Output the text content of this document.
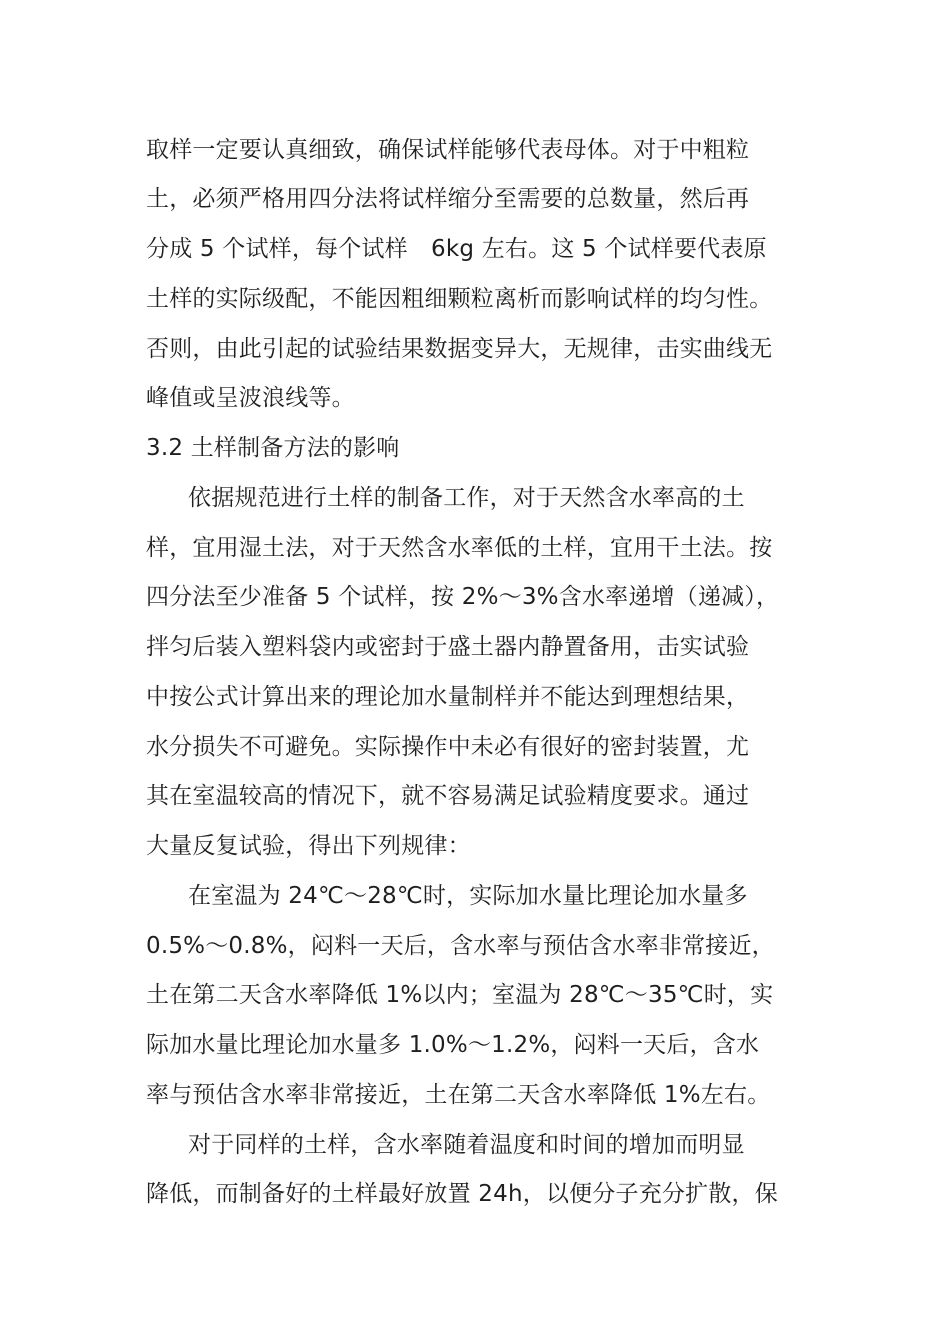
取样一定要认真细致，确保试样能够代表母体。对于中粗粒
土，必须严格用四分法将试样缩分至需要的总数量，然后再
分成 5 个试样，每个试样　6kg 左右。这 5 个试样要代表原
土样的实际级配，不能因粗细颗粒离析而影响试样的均匀性。
否则，由此引起的试验结果数据变异大，无规律，击实曲线无
峰值或呈波浪线等。
3.2 土样制备方法的影响
依据规范进行土样的制备工作，对于天然含水率高的土
样，宜用湿土法，对于天然含水率低的土样，宜用干土法。按
四分法至少准备 5 个试样，按 2%～3%含水率递增（递减），
拌匀后装入塑料袋内或密封于盛土器内静置备用，击实试验
中按公式计算出来的理论加水量制样并不能达到理想结果，
水分损失不可避免。实际操作中未必有很好的密封装置，尤
其在室温较高的情况下，就不容易满足试验精度要求。通过
大量反复试验，得出下列规律：
在室温为 24℃～28℃时，实际加水量比理论加水量多
0.5%～0.8%，闷料一天后，含水率与预估含水率非常接近，
土在第二天含水率降低 1%以内；室温为 28℃～35℃时，实
际加水量比理论加水量多 1.0%～1.2%，闷料一天后，含水
率与预估含水率非常接近，土在第二天含水率降低 1%左右。
对于同样的土样，含水率随着温度和时间的增加而明显
降低，而制备好的土样最好放置 24h，以便分子充分扩散，保
